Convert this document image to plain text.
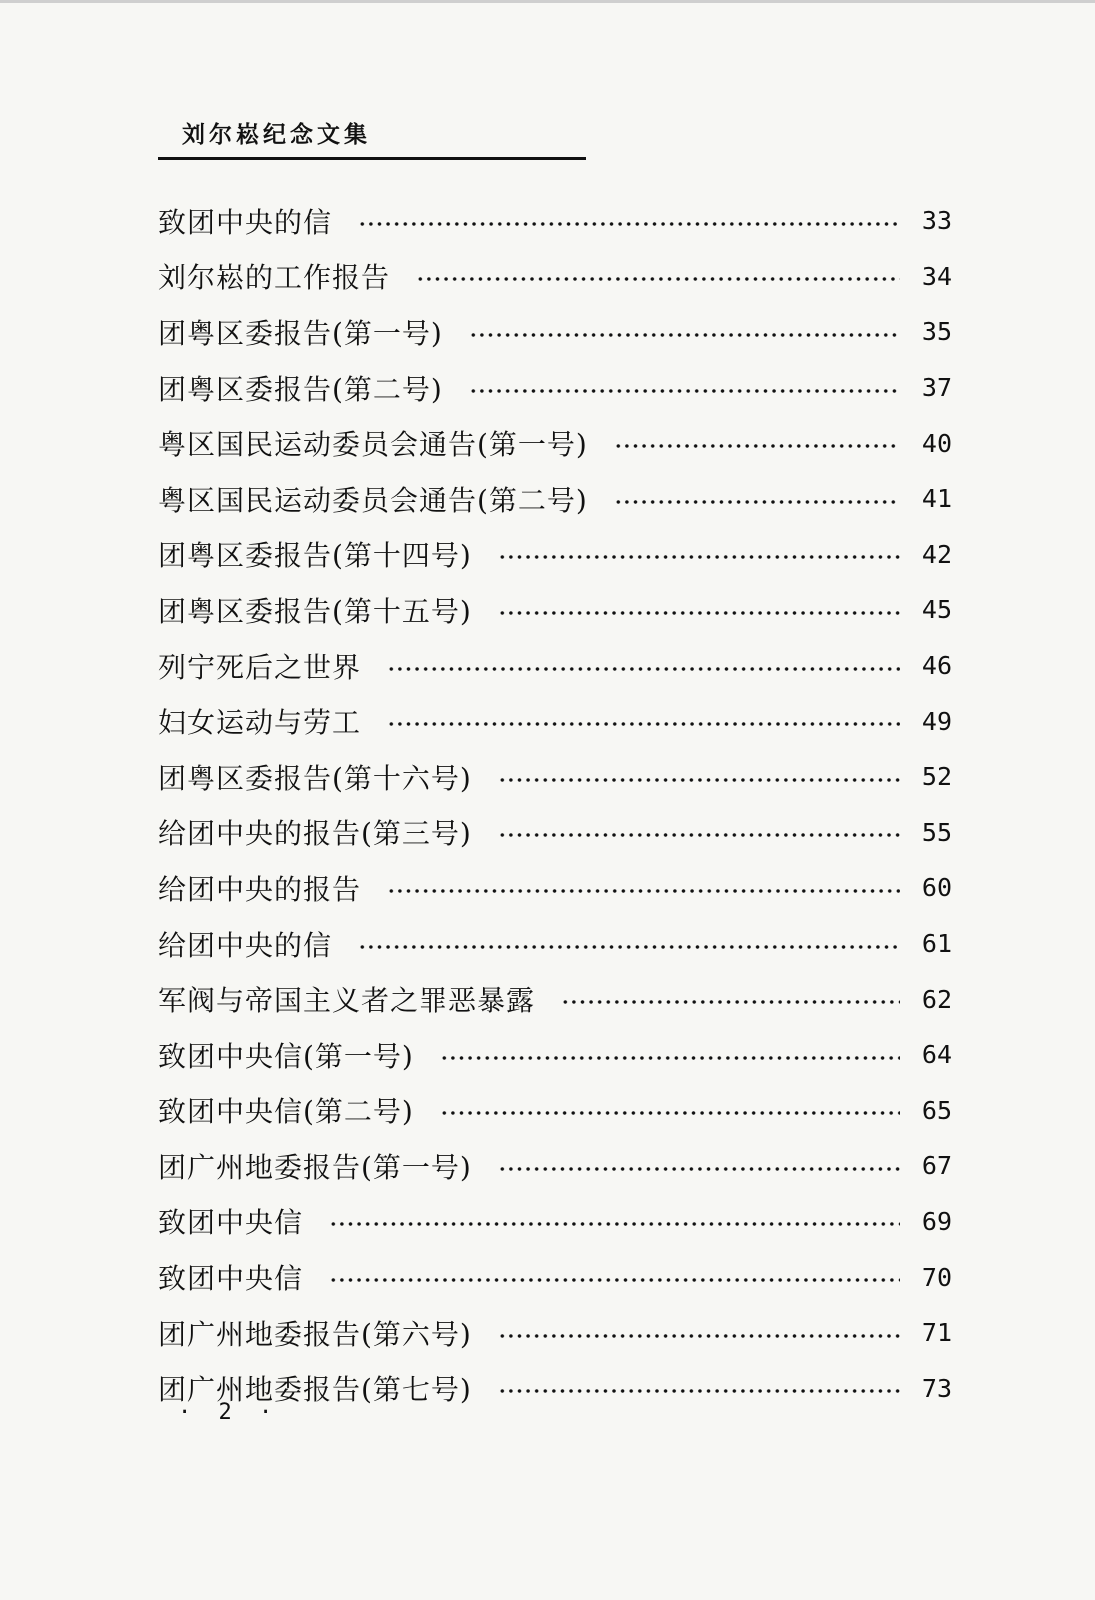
刘尔崧纪念文集
致团中央的信	33
刘尔崧的工作报告	34
团粤区委报告(第一号)	35
团粤区委报告(第二号)	37
粤区国民运动委员会通告(第一号)	40
粤区国民运动委员会通告(第二号)	41
团粤区委报告(第十四号)	42
团粤区委报告(第十五号)	45
列宁死后之世界	46
妇女运动与劳工	49
团粤区委报告(第十六号)	52
给团中央的报告(第三号)	55
给团中央的报告	60
给团中央的信	61
军阀与帝国主义者之罪恶暴露	62
致团中央信(第一号)	64
致团中央信(第二号)	65
团广州地委报告(第一号)	67
致团中央信	69
致团中央信	70
团广州地委报告(第六号)	71
团广州地委报告(第七号)	73
· 2 ·
